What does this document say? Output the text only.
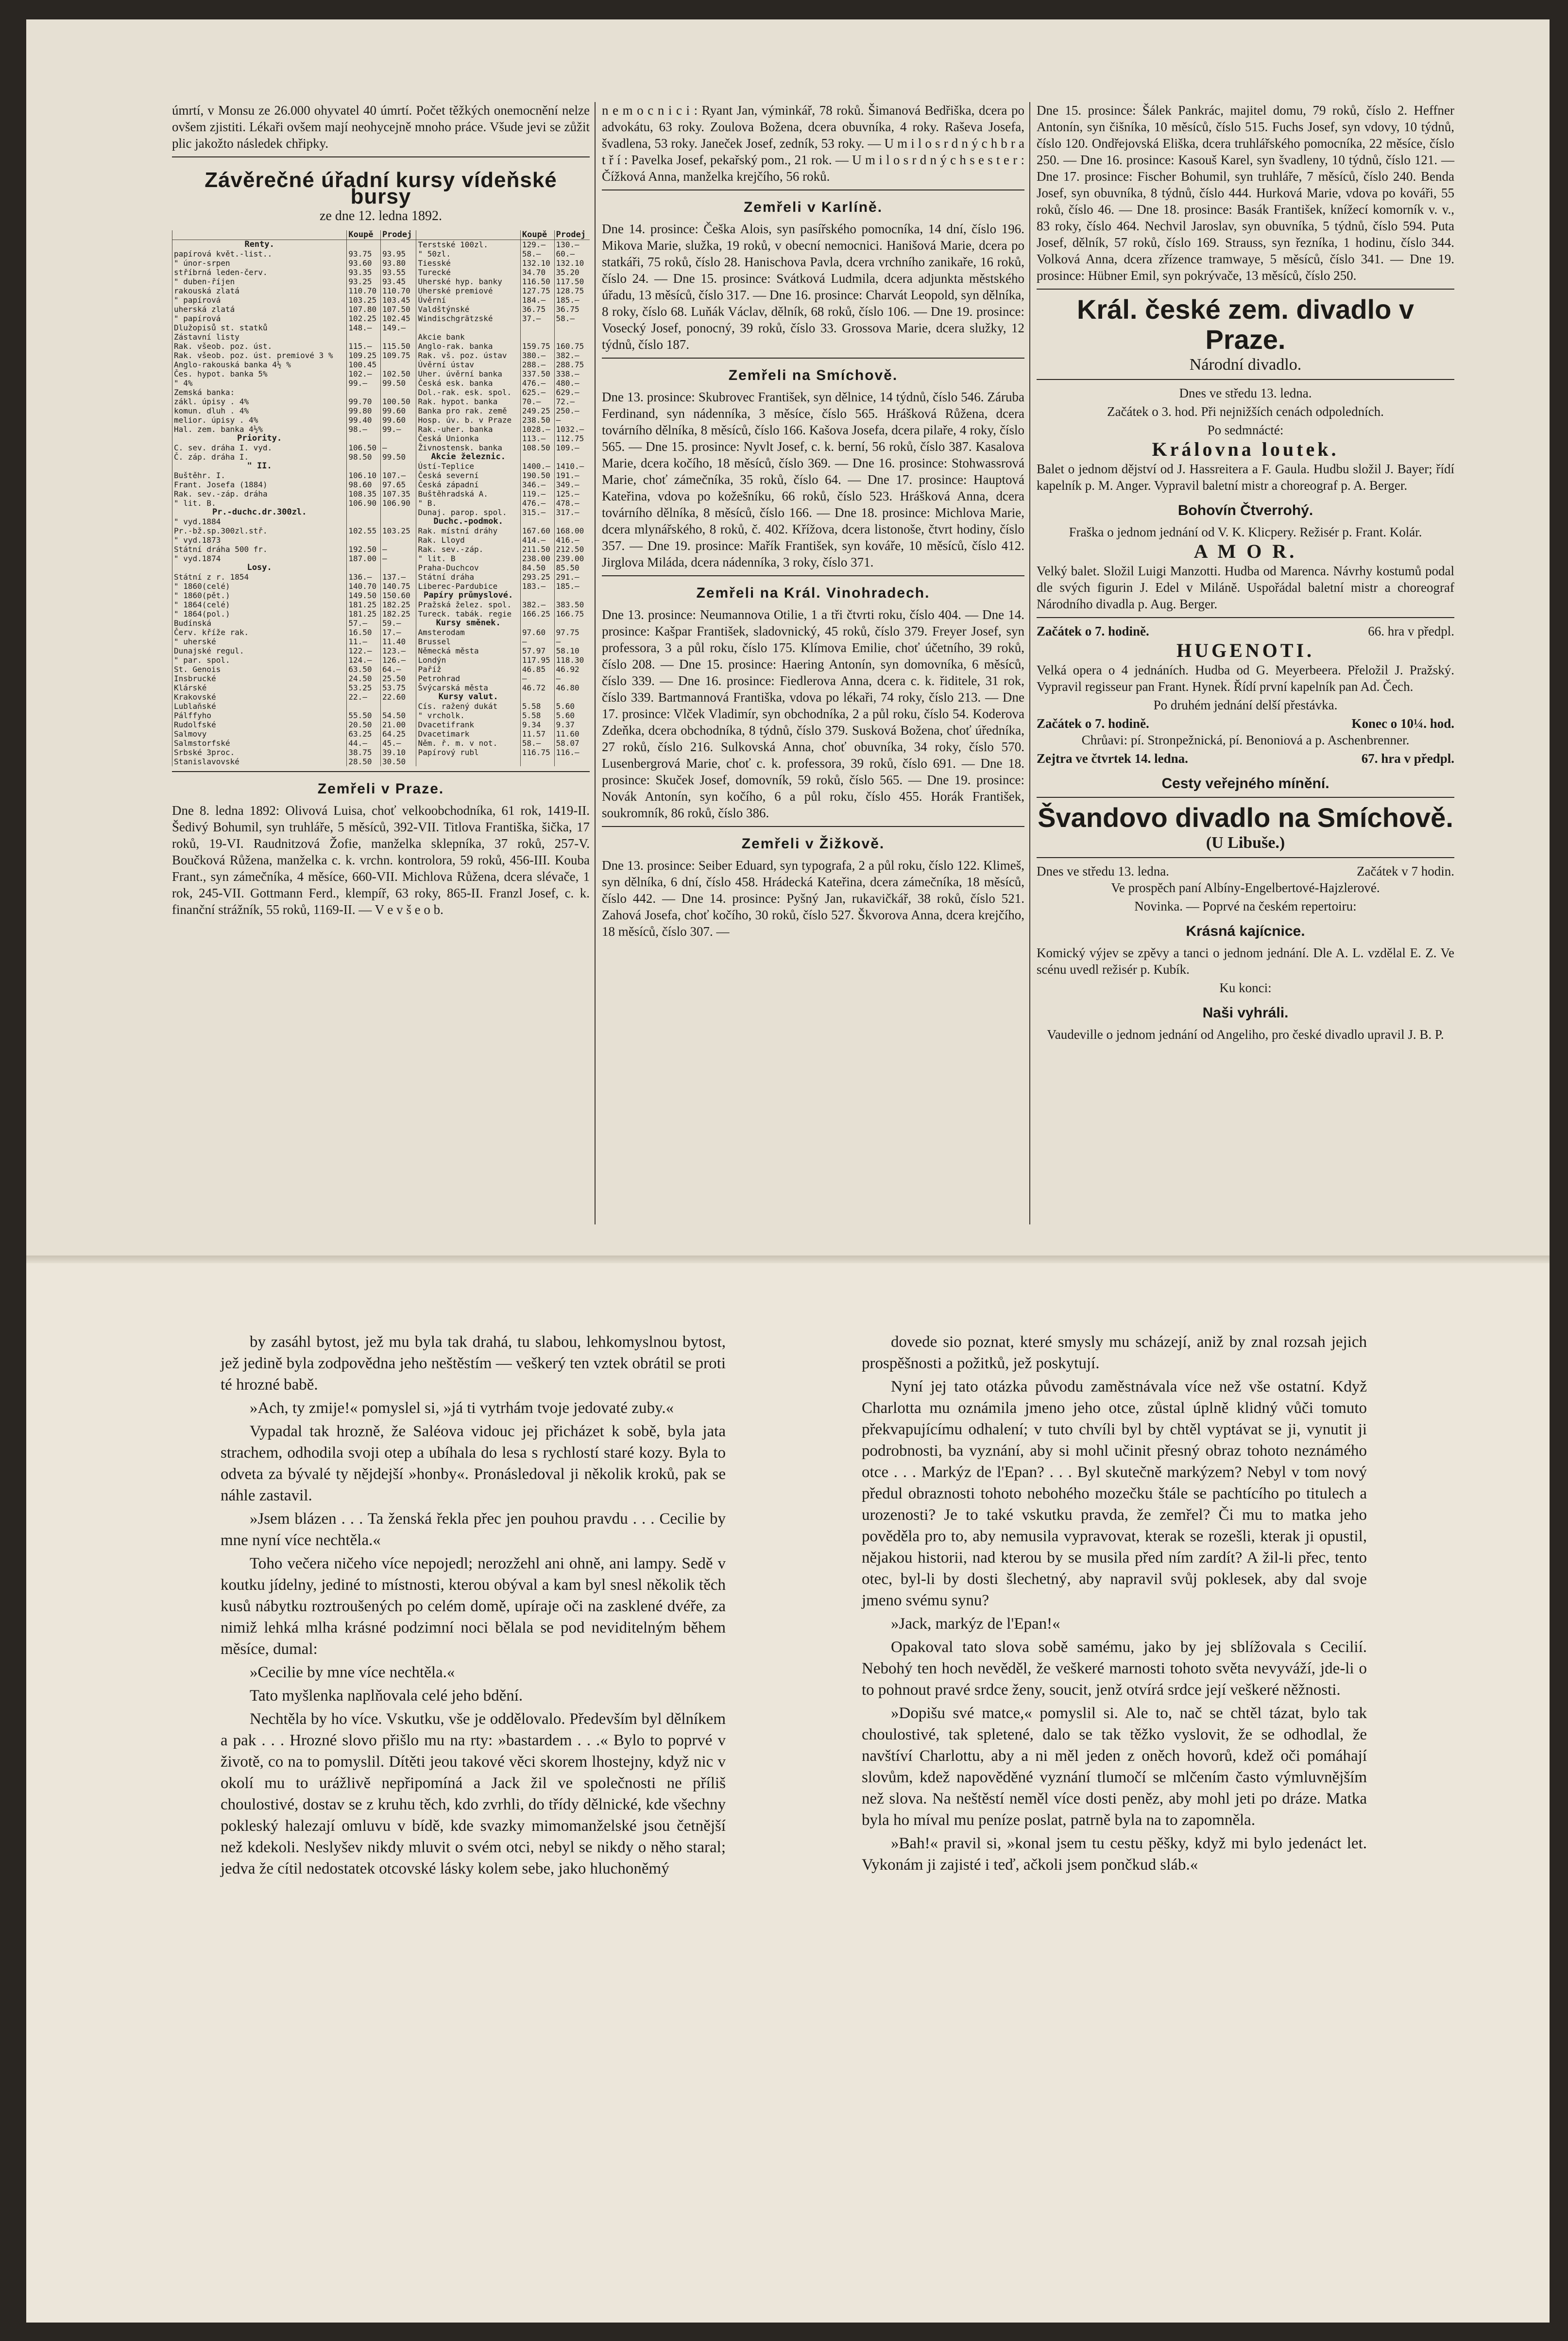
úmrtí, v Monsu ze 26.000 ohyvatel 40 úmrtí. Počet těžkých onemocnění nelze ovšem zjistiti. Lékaři ovšem mají neohycejně mnoho práce. Všude jevi se zůžit plic jakožto následek chřipky.

Závěrečné úřadní kursy vídeňské bursy
ze dne 12. ledna 1892.
	Koupě	Prodej		Koupě	Prodej
Renty.			Terstské 100zl.	129.—	130.—
papírová květ.-list..	93.75	93.95	" 50zl.	58.—	60.—
" únor-srpen	93.60	93.80	Tiesské	132.10	132.10
stříbrná leden-červ.	93.35	93.55	Turecké	34.70	35.20
" duben-říjen	93.25	93.45	Uherské hyp. banky	116.50	117.50
rakouská zlatá	110.70	110.70	Uherské premiové	127.75	128.75
" papírová	103.25	103.45	Úvěrní	184.—	185.—
uherská zlatá	107.80	107.50	Valdštýnské	36.75	36.75
" papírová	102.25	102.45	Windischgrätzské	37.—	58.—
Dlužopisů st. statků	148.—	149.—			
Zástavní listy			Akcie bank		
Rak. všeob. poz. úst.	115.—	115.50	Anglo-rak. banka	159.75	160.75
Rak. všeob. poz. úst. premiové 3 %	109.25	109.75	Rak. vš. poz. ústav	380.—	382.—
Anglo-rakouská banka 4½ %	100.45		Úvěrní ústav	288.—	288.75
Čes. hypot. banka 5%	102.—	102.50	Uher. úvěrní banka	337.50	338.—
" 4%	99.—	99.50	Česká esk. banka	476.—	480.—
Zemská banka:			Dol.-rak. esk. spol.	625.—	629.—
zákl. úpisy . 4%	99.70	100.50	Rak. hypot. banka	70.—	72.—
komun. dluh . 4%	99.80	99.60	Banka pro rak. země	249.25	250.—
melior. úpisy . 4%	99.40	99.60	Hosp. úv. b. v Praze	238.50	—
Hal. zem. banka 4½%	98.—	99.—	Rak.-uher. banka	1028.—	1032.—
Priority.			Česká Unionka	113.—	112.75
C. sev. dráha I. vyd.	106.50	—	Živnostensk. banka	108.50	109.—
Č. záp. dráha I.	98.50	99.50	Akcie železnic.		
" II.			Ústí-Teplice	1400.—	1410.—
Buštěhr. I.	106.10	107.—	Česká severní	190.50	191.—
Frant. Josefa (1884)	98.60	97.65	Česká západní	346.—	349.—
Rak. sev.-záp. dráha	108.35	107.35	Buštěhradská A.	119.—	125.—
" lit. B.	106.90	106.90	" B.	476.—	478.—
Pr.-duchc.dr.300zl.			Dunaj. parop. spol.	315.—	317.—
" vyd.1884			Duchc.-podmok.		
Pr.-bž.sp.300zl.stř.	102.55	103.25	Rak. místní dráhy	167.60	168.00
" vyd.1873			Rak. Lloyd	414.—	416.—
Státní dráha 500 fr.	192.50	—	Rak. sev.-záp.	211.50	212.50
" vyd.1874	187.00	—	" lit. B	238.00	239.00
Losy.			Praha-Duchcov	84.50	85.50
Státní z r. 1854	136.—	137.—	Státní dráha	293.25	291.—
" 1860(celé)	140.70	140.75	Liberec-Pardubice	183.—	185.—
" 1860(pět.)	149.50	150.60	Papíry průmyslové.		
" 1864(celé)	181.25	182.25	Pražská želez. spol.	382.—	383.50
" 1864(pol.)	181.25	182.25	Tureck. tabák. regie	166.25	166.75
Budínská	57.—	59.—	Kursy směnek.		
Červ. kříže rak.	16.50	17.—	Amsterodam	97.60	97.75
" uherské	11.—	11.40	Brussel	—	—
Dunajské regul.	122.—	123.—	Německá města	57.97	58.10
" par. spol.	124.—	126.—	Londýn	117.95	118.30
St. Genois	63.50	64.—	Paříž	46.85	46.92
Insbrucké	24.50	25.50	Petrohrad	—	—
Klárské	53.25	53.75	Švýcarská města	46.72	46.80
Krakovské	22.—	22.60	Kursy valut.		
Lublaňské			Cís. ražený dukát	5.58	5.60
Pálffyho	55.50	54.50	" vrcholk.	5.58	5.60
Rudolfské	20.50	21.00	Dvacetifrank	9.34	9.37
Salmovy	63.25	64.25	Dvacetimark	11.57	11.60
Salmstorfské	44.—	45.—	Něm. ř. m. v not.	58.—	58.07
Srbské 3proc.	38.75	39.10	Papírový rubl	116.75	116.—
Stanislavovské	28.50	30.50			
Zemřeli v Praze.

Dne 8. ledna 1892: Olivová Luisa, choť velkoobchodníka, 61 rok, 1419-II. Šedivý Bohumil, syn truhláře, 5 měsíců, 392-VII. Titlova Františka, šička, 17 roků, 19-VI. Raudnitzová Žofie, manželka sklepníka, 37 roků, 257-V. Boučková Růžena, manželka c. k. vrchn. kontrolora, 59 roků, 456-III. Kouba Frant., syn zámečníka, 4 měsíce, 660-VII. Michlova Růžena, dcera slévače, 1 rok, 245-VII. Gottmann Ferd., klempíř, 63 roky, 865-II. Franzl Josef, c. k. finanční strážník, 55 roků, 1169-II. — V e v š e o b.

n e m o c n i c i : Ryant Jan, výminkář, 78 roků. Šimanová Bedřiška, dcera po advokátu, 63 roky. Zoulova Božena, dcera obuvníka, 4 roky. Raševa Josefa, švadlena, 53 roky. Janeček Josef, zedník, 53 roky. — U m i l o s r d n ý c h b r a t ř í : Pavelka Josef, pekařský pom., 21 rok. — U m i l o s r d n ý c h s e s t e r : Čížková Anna, manželka krejčího, 56 roků.

Zemřeli v Karlíně.

Dne 14. prosince: Češka Alois, syn pasířského pomocníka, 14 dní, číslo 196. Mikova Marie, služka, 19 roků, v obecní nemocnici. Hanišová Marie, dcera po statkáři, 75 roků, číslo 28. Hanischova Pavla, dcera vrchního zanikaře, 16 roků, číslo 24. — Dne 15. prosince: Svátková Ludmila, dcera adjunkta městského úřadu, 13 měsíců, číslo 317. — Dne 16. prosince: Charvát Leopold, syn dělníka, 8 roky, číslo 68. Luňák Václav, dělník, 68 roků, číslo 106. — Dne 19. prosince: Vosecký Josef, ponocný, 39 roků, číslo 33. Grossova Marie, dcera služky, 12 týdnů, číslo 187.

Zemřeli na Smíchově.

Dne 13. prosince: Skubrovec František, syn dělnice, 14 týdnů, číslo 546. Záruba Ferdinand, syn nádenníka, 3 měsíce, číslo 565. Hrášková Růžena, dcera továrního dělníka, 8 měsíců, číslo 166. Kašova Josefa, dcera pilaře, 4 roky, číslo 565. — Dne 15. prosince: Nyvlt Josef, c. k. berní, 56 roků, číslo 387. Kasalova Marie, dcera kočího, 18 měsíců, číslo 369. — Dne 16. prosince: Stohwassrová Marie, choť zámečníka, 35 roků, číslo 64. — Dne 17. prosince: Hauptová Kateřina, vdova po kožešníku, 66 roků, číslo 523. Hrášková Anna, dcera továrního dělníka, 8 měsíců, číslo 166. — Dne 18. prosince: Michlova Marie, dcera mlynářského, 8 roků, č. 402. Křížova, dcera listonoše, čtvrt hodiny, číslo 357. — Dne 19. prosince: Mařík František, syn kováře, 10 měsíců, číslo 412. Jirglova Miláda, dcera nádenníka, 3 roky, číslo 371.

Zemřeli na Král. Vinohradech.

Dne 13. prosince: Neumannova Otilie, 1 a tři čtvrti roku, číslo 404. — Dne 14. prosince: Kašpar František, sladovnický, 45 roků, číslo 379. Freyer Josef, syn professora, 3 a půl roku, číslo 175. Klímova Emilie, choť účetního, 39 roků, číslo 208. — Dne 15. prosince: Haering Antonín, syn domovníka, 6 měsíců, číslo 339. — Dne 16. prosince: Fiedlerova Anna, dcera c. k. řiditele, 31 rok, číslo 339. Bartmannová Františka, vdova po lékaři, 74 roky, číslo 213. — Dne 17. prosince: Vlček Vladimír, syn obchodníka, 2 a půl roku, číslo 54. Koderova Zdeňka, dcera obchodníka, 8 týdnů, číslo 379. Susková Božena, choť úředníka, 27 roků, číslo 216. Sulkovská Anna, choť obuvníka, 34 roky, číslo 570. Lusenbergrová Marie, choť c. k. professora, 39 roků, číslo 691. — Dne 18. prosince: Skuček Josef, domovník, 59 roků, číslo 565. — Dne 19. prosince: Novák Antonín, syn kočího, 6 a půl roku, číslo 455. Horák František, soukromník, 86 roků, číslo 386.

Zemřeli v Žižkově.

Dne 13. prosince: Seiber Eduard, syn typografa, 2 a půl roku, číslo 122. Klimeš, syn dělníka, 6 dní, číslo 458. Hrádecká Kateřina, dcera zámečníka, 18 měsíců, číslo 442. — Dne 14. prosince: Pyšný Jan, rukavičkář, 38 roků, číslo 521. Zahová Josefa, choť kočího, 30 roků, číslo 527. Škvorova Anna, dcera krejčího, 18 měsíců, číslo 307. —

Dne 15. prosince: Šálek Pankrác, majitel domu, 79 roků, číslo 2. Heffner Antonín, syn čišníka, 10 měsíců, číslo 515. Fuchs Josef, syn vdovy, 10 týdnů, číslo 120. Ondřejovská Eliška, dcera truhlářského pomocníka, 22 měsíce, číslo 250. — Dne 16. prosince: Kasouš Karel, syn švadleny, 10 týdnů, číslo 121. — Dne 17. prosince: Fischer Bohumil, syn truhláře, 7 měsíců, číslo 240. Benda Josef, syn obuvníka, 8 týdnů, číslo 444. Hurková Marie, vdova po kováři, 55 roků, číslo 46. — Dne 18. prosince: Basák František, knížecí komorník v. v., 83 roky, číslo 464. Nechvil Jaroslav, syn obuvníka, 5 týdnů, číslo 594. Puta Josef, dělník, 57 roků, číslo 169. Strauss, syn řezníka, 1 hodinu, číslo 344. Volková Anna, dcera zřízence tramwaye, 5 měsíců, číslo 341. — Dne 19. prosince: Hübner Emil, syn pokrývače, 13 měsíců, číslo 250.

Král. české zem. divadlo v Praze.
Národní divadlo.

Dnes ve středu 13. ledna.

Začátek o 3. hod. Při nejnižších cenách odpoledních.

Po sedmnácté:

Královna loutek.

Balet o jednom dějství od J. Hassreitera a F. Gaula. Hudbu složil J. Bayer; řídí kapelník p. M. Anger. Vypravil baletní mistr a choreograf p. A. Berger.

Bohovín Čtverrohý.

Fraška o jednom jednání od V. K. Klicpery. Režisér p. Frant. Kolár.

A M O R.

Velký balet. Složil Luigi Manzotti. Hudba od Marenca. Návrhy kostumů podal dle svých figurin J. Edel v Miláně. Uspořádal baletní mistr a choreograf Národního divadla p. Aug. Berger.

Začátek o 7. hodině.	66. hra v předpl.
HUGENOTI.

Velká opera o 4 jednáních. Hudba od G. Meyerbeera. Přeložil J. Pražský. Vypravil regisseur pan Frant. Hynek. Řídí první kapelník pan Ad. Čech.

Po druhém jednání delší přestávka.

Začátek o 7. hodině.	Konec o 10¼. hod.

Chrůavi: pí. Stronpežnická, pí. Benoniová a p. Aschenbrenner.

Zejtra ve čtvrtek 14. ledna.	67. hra v předpl.
Cesty veřejného mínění.
Švandovo divadlo na Smíchově.
(U Libuše.)
Dnes ve středu 13. ledna.	Začátek v 7 hodin.

Ve prospěch paní Albíny-Engelbertové-Hajzlerové.

Novinka. — Poprvé na českém repertoiru:

Krásná kajícnice.

Komický výjev se zpěvy a tanci o jednom jednání. Dle A. L. vzdělal E. Z. Ve scénu uvedl režisér p. Kubík.

Ku konci:

Naši vyhráli.

Vaudeville o jednom jednání od Angeliho, pro české divadlo upravil J. B. P.

by zasáhl bytost, jež mu byla tak drahá, tu slabou, lehkomyslnou bytost, jež jedině byla zodpovědna jeho neštěstím — veškerý ten vztek obrátil se proti té hrozné babě.

»Ach, ty zmije!« pomyslel si, »já ti vytrhám tvoje jedovaté zuby.«

Vypadal tak hrozně, že Saléova vidouc jej přicházet k sobě, byla jata strachem, odhodila svoji otep a ubíhala do lesa s rychlostí staré kozy. Byla to odveta za bývalé ty nějdejší »honby«. Pronásledoval ji několik kroků, pak se náhle zastavil.

»Jsem blázen . . . Ta ženská řekla přec jen pouhou pravdu . . . Cecilie by mne nyní více nechtěla.«

Toho večera ničeho více nepojedl; nerozžehl ani ohně, ani lampy. Sedě v koutku jídelny, jediné to místnosti, kterou obýval a kam byl snesl několik těch kusů nábytku roztroušených po celém domě, upíraje oči na zasklené dvéře, za nimiž lehká mlha krásné podzimní noci bělala se pod neviditelným během měsíce, dumal:

»Cecilie by mne více nechtěla.«

Tato myšlenka naplňovala celé jeho bdění.

Nechtěla by ho více. Vskutku, vše je oddělovalo. Především byl dělníkem a pak . . . Hrozné slovo přišlo mu na rty: »bastardem . . .« Bylo to poprvé v životě, co na to pomyslil. Dítěti jeou takové věci skorem lhostejny, když nic v okolí mu to urážlivě nepřipomíná a Jack žil ve společnosti ne příliš choulostivé, dostav se z kruhu těch, kdo zvrhli, do třídy dělnické, kde všechny pokleský halezají omluvu v bídě, kde svazky mimomanželské jsou četnější než kdekoli. Neslyšev nikdy mluvit o svém otci, nebyl se nikdy o něho staral; jedva že cítil nedostatek otcovské lásky kolem sebe, jako hluchoněmý

dovede sio poznat, které smysly mu scházejí, aniž by znal rozsah jejich prospěšnosti a požitků, jež poskytují.

Nyní jej tato otázka původu zaměstnávala více než vše ostatní. Když Charlotta mu oznámila jmeno jeho otce, zůstal úplně klidný vůči tomuto překvapujícímu odhalení; v tuto chvíli byl by chtěl vyptávat se ji, vynutit ji podrobnosti, ba vyznání, aby si mohl učinit přesný obraz tohoto neznámého otce . . . Markýz de l'Epan? . . . Byl skutečně markýzem? Nebyl v tom nový předul obraznosti tohoto nebohého mozečku štále se pachtícího po titulech a urozenosti? Je to také vskutku pravda, že zemřel? Či mu to matka jeho pověděla pro to, aby nemusila vypravovat, kterak se rozešli, kterak ji opustil, nějakou historii, nad kterou by se musila před ním zardít? A žil-li přec, tento otec, byl-li by dosti šlechetný, aby napravil svůj poklesek, aby dal svoje jmeno svému synu?

»Jack, markýz de l'Epan!«

Opakoval tato slova sobě samému, jako by jej sblížovala s Cecilií. Nebohý ten hoch nevěděl, že veškeré marnosti tohoto světa nevyváží, jde-li o to pohnout pravé srdce ženy, soucit, jenž otvírá srdce její veškeré něžnosti.

»Dopišu své matce,« pomyslil si. Ale to, nač se chtěl tázat, bylo tak choulostivé, tak spletené, dalo se tak těžko vyslovit, že se odhodlal, že navštíví Charlottu, aby a ni měl jeden z oněch hovorů, kdež oči pomáhají slovům, kdež napověděné vyznání tlumočí se mlčením často výmluvnějším než slova. Na neštěstí neměl více dosti peněz, aby mohl jeti po dráze. Matka byla ho míval mu peníze poslat, patrně byla na to zapomněla.

»Bah!« pravil si, »konal jsem tu cestu pěšky, když mi bylo jedenáct let. Vykonám ji zajisté i teď, ačkoli jsem pončkud sláb.«
